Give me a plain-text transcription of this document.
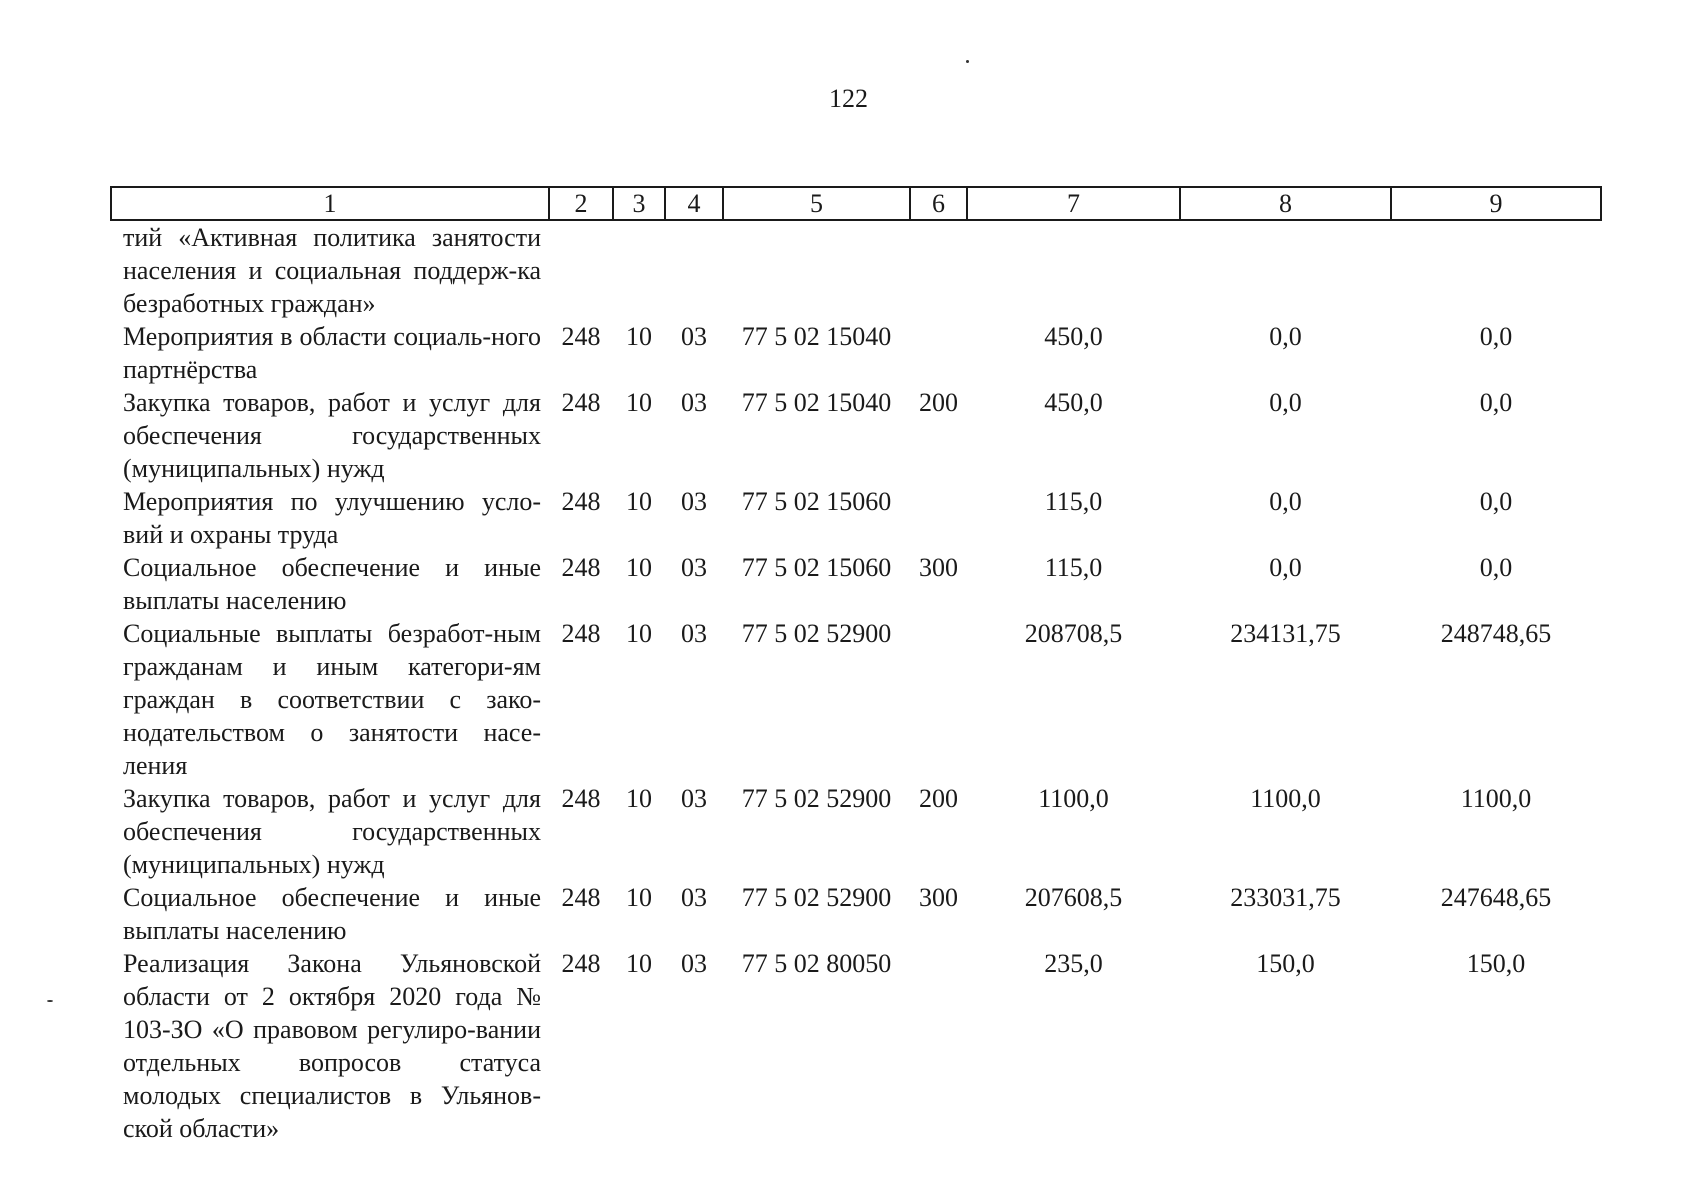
122
1	2	3	4	5	6	7	8	9
тий «Активная политика занятости населения и социальная поддерж-ка безработных граждан»								
Мероприятия в области социаль-ного партнёрства	248	10	03	77 5 02 15040		450,0	0,0	0,0
Закупка товаров, работ и услуг для обеспечения государственных (муниципальных) нужд	248	10	03	77 5 02 15040	200	450,0	0,0	0,0
Мероприятия по улучшению усло-вий и охраны труда	248	10	03	77 5 02 15060		115,0	0,0	0,0
Социальное обеспечение и иные выплаты населению	248	10	03	77 5 02 15060	300	115,0	0,0	0,0
Социальные выплаты безработ-ным гражданам и иным категори-ям граждан в соответствии с зако-нодательством о занятости насе-ления	248	10	03	77 5 02 52900		208708,5	234131,75	248748,65
Закупка товаров, работ и услуг для обеспечения государственных (муниципальных) нужд	248	10	03	77 5 02 52900	200	1100,0	1100,0	1100,0
Социальное обеспечение и иные выплаты населению	248	10	03	77 5 02 52900	300	207608,5	233031,75	247648,65
Реализация Закона Ульяновской области от 2 октября 2020 года № 103-ЗО «О правовом регулиро-вании отдельных вопросов статуса молодых специалистов в Ульянов-ской области»	248	10	03	77 5 02 80050		235,0	150,0	150,0
